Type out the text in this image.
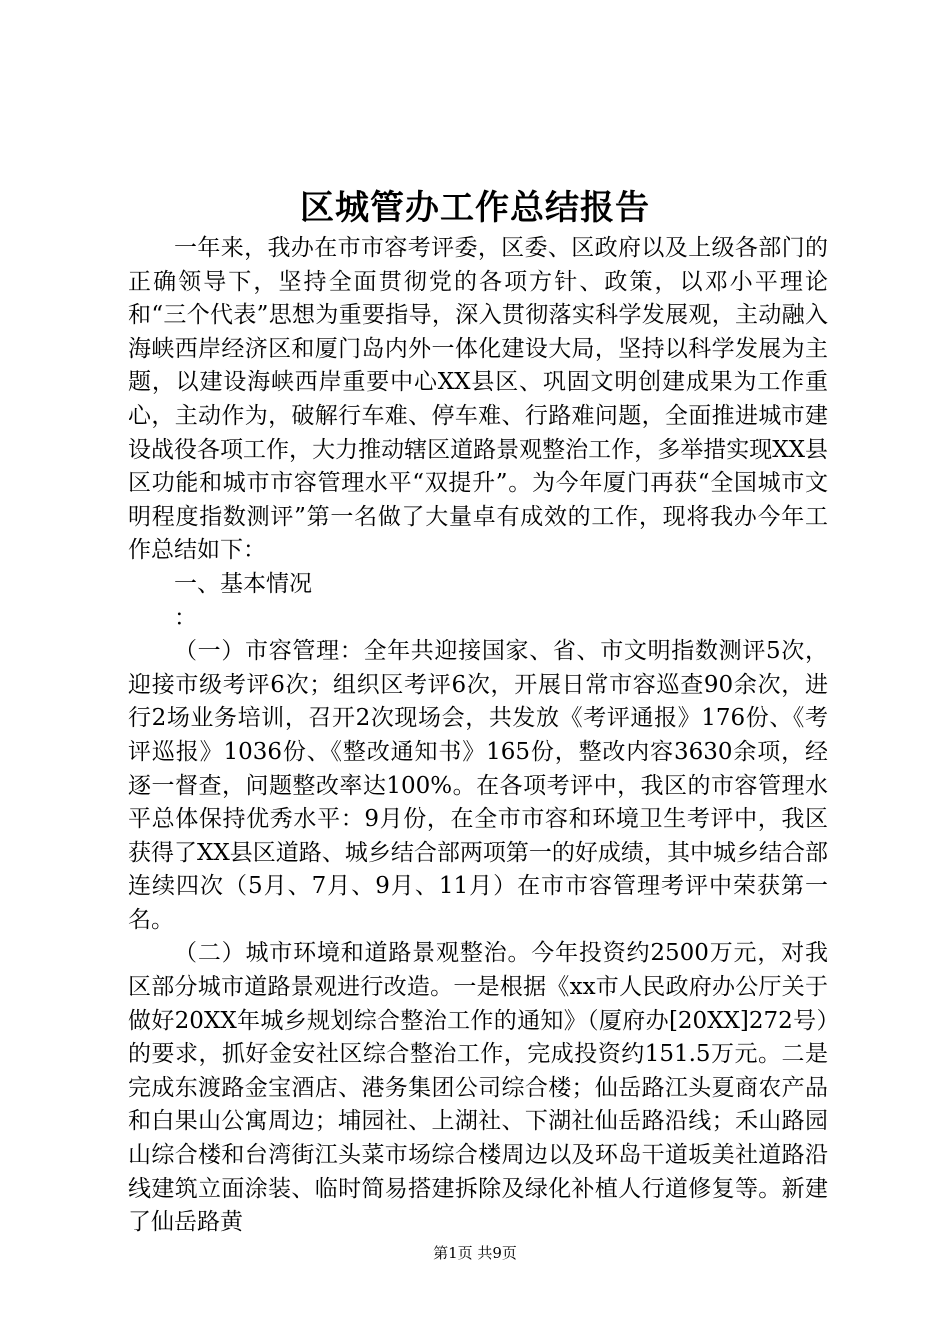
区城管办工作总结报告

一年来，我办在市市容考评委，区委、区政府以及上级各部门的正确领导下，坚持全面贯彻党的各项方针、政策，以邓小平理论和“三个代表”思想为重要指导，深入贯彻落实科学发展观，主动融入海峡西岸经济区和厦门岛内外一体化建设大局，坚持以科学发展为主题，以建设海峡西岸重要中心XX县区、巩固文明创建成果为工作重心，主动作为，破解行车难、停车难、行路难问题，全面推进城市建设战役各项工作，大力推动辖区道路景观整治工作，多举措实现XX县区功能和城市市容管理水平“双提升”。为今年厦门再获“全国城市文明程度指数测评”第一名做了大量卓有成效的工作，现将我办今年工作总结如下：

一、基本情况

：

（一）市容管理：全年共迎接国家、省、市文明指数测评5次，迎接市级考评6次；组织区考评6次，开展日常市容巡查90余次，进行2场业务培训，召开2次现场会，共发放《考评通报》176份、《考评巡报》1036份、《整改通知书》165份，整改内容3630余项，经逐一督查，问题整改率达100%。在各项考评中，我区的市容管理水平总体保持优秀水平：9月份，在全市市容和环境卫生考评中，我区获得了XX县区道路、城乡结合部两项第一的好成绩，其中城乡结合部连续四次（5月、7月、9月、11月）在市市容管理考评中荣获第一名。

（二）城市环境和道路景观整治。今年投资约2500万元，对我区部分城市道路景观进行改造。一是根据《xx市人民政府办公厅关于做好20XX年城乡规划综合整治工作的通知》（厦府办[20XX]272号）的要求，抓好金安社区综合整治工作，完成投资约151.5万元。二是完成东渡路金宝酒店、港务集团公司综合楼；仙岳路江头夏商农产品和白果山公寓周边；埔园社、上湖社、下湖社仙岳路沿线；禾山路园山综合楼和台湾街江头菜市场综合楼周边以及环岛干道坂美社道路沿线建筑立面涂装、临时简易搭建拆除及绿化补植人行道修复等。新建了仙岳路黄

第1页 共9页
